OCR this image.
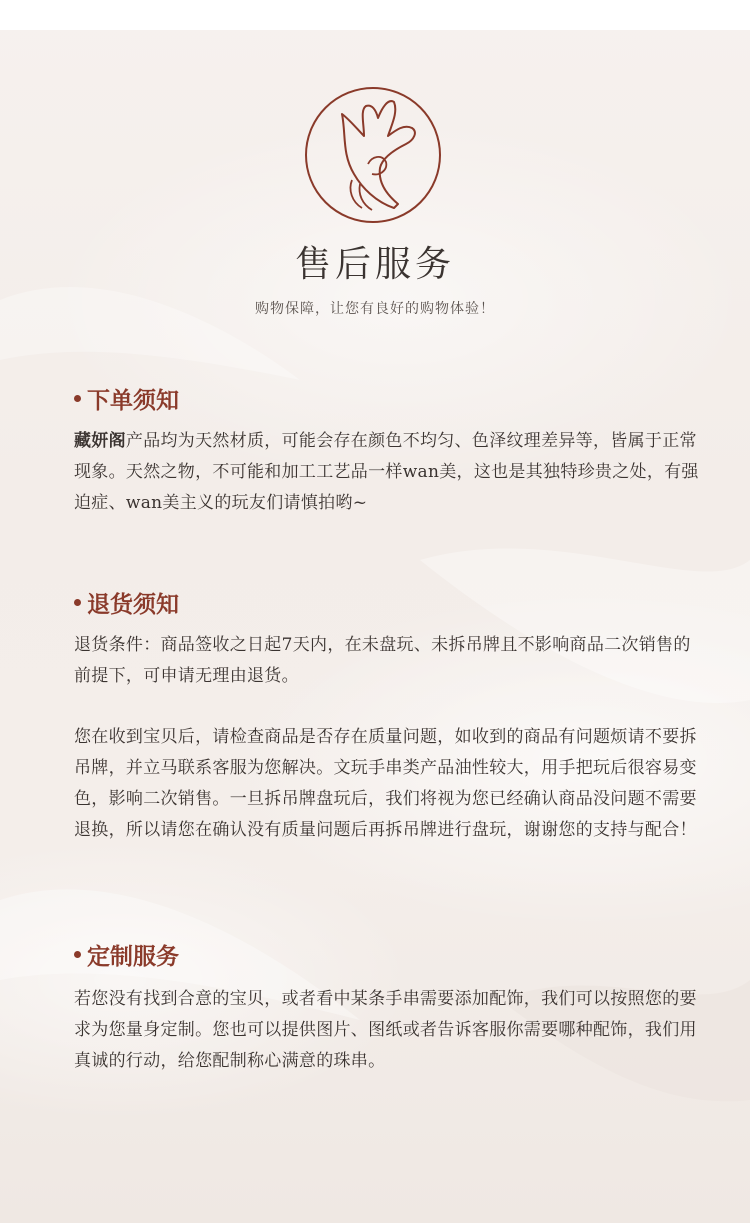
售后服务
购物保障，让您有良好的购物体验！
下单须知
藏妍阁产品均为天然材质，可能会存在颜色不均匀、色泽纹理差异等，皆属于正常现象。天然之物，不可能和加工工艺品一样wan美，这也是其独特珍贵之处，有强迫症、wan美主义的玩友们请慎拍哟~
退货须知
退货条件：商品签收之日起7天内，在未盘玩、未拆吊牌且不影响商品二次销售的前提下，可申请无理由退货。
您在收到宝贝后，请检查商品是否存在质量问题，如收到的商品有问题烦请不要拆吊牌，并立马联系客服为您解决。文玩手串类产品油性较大，用手把玩后很容易变色，影响二次销售。一旦拆吊牌盘玩后，我们将视为您已经确认商品没问题不需要退换，所以请您在确认没有质量问题后再拆吊牌进行盘玩，谢谢您的支持与配合！
定制服务
若您没有找到合意的宝贝，或者看中某条手串需要添加配饰，我们可以按照您的要求为您量身定制。您也可以提供图片、图纸或者告诉客服你需要哪种配饰，我们用真诚的行动，给您配制称心满意的珠串。
